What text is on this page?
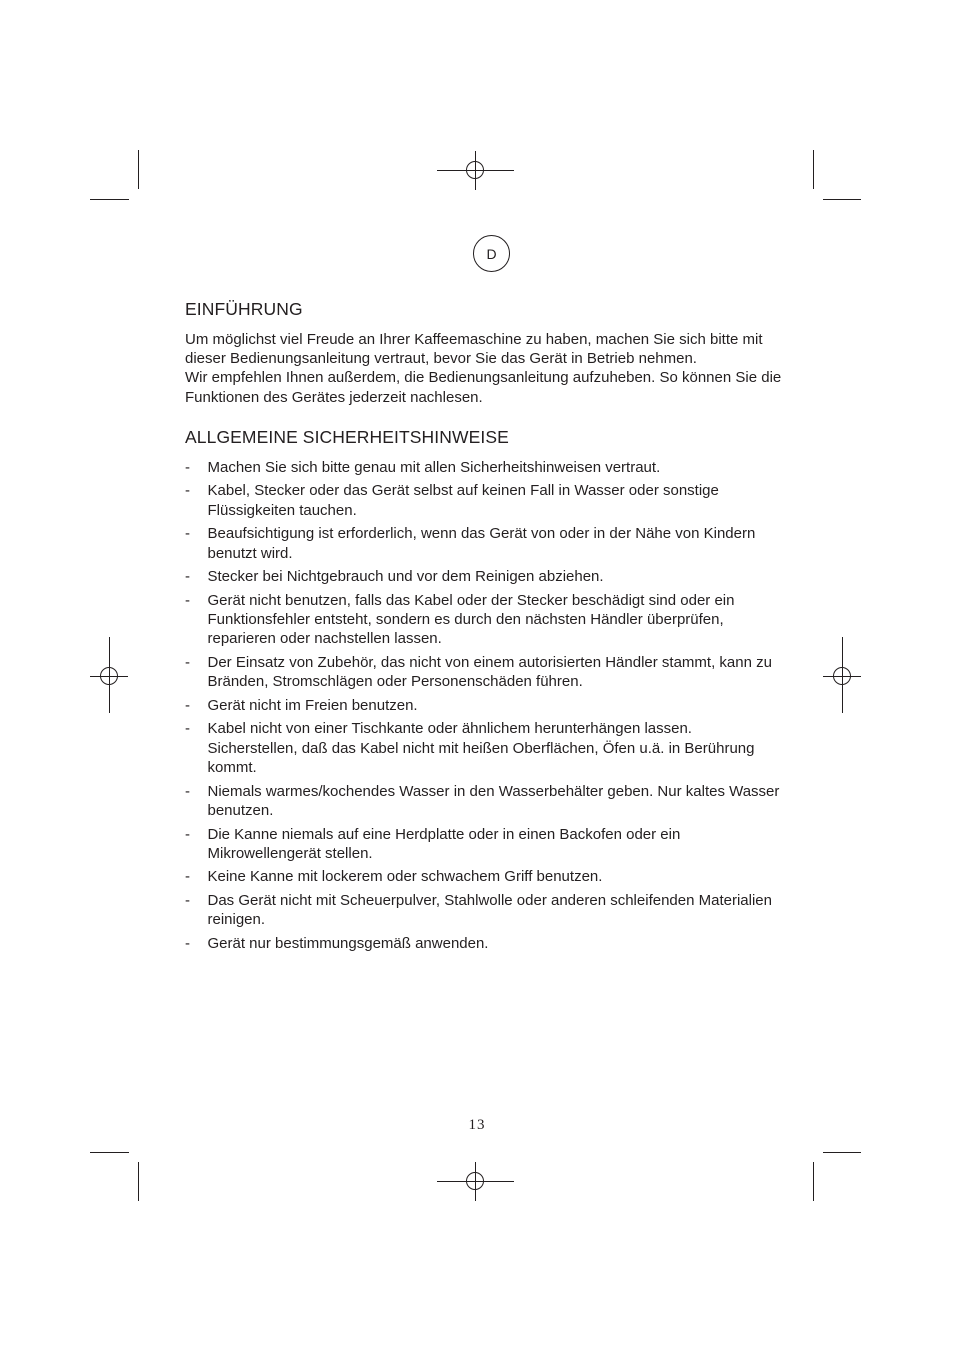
D
EINFÜHRUNG

Um möglichst viel Freude an Ihrer Kaffeemaschine zu haben, machen Sie sich bitte mit dieser Bedienungsanleitung vertraut, bevor Sie das Gerät in Betrieb nehmen.

Wir empfehlen Ihnen außerdem, die Bedienungsanleitung aufzuheben. So können Sie die Funktionen des Gerätes jederzeit nachlesen.

ALLGEMEINE SICHERHEITSHINWEISE
- Machen Sie sich bitte genau mit allen Sicherheitshinweisen vertraut.
- Kabel, Stecker oder das Gerät selbst auf keinen Fall in Wasser oder sonstige Flüssigkeiten tauchen.
- Beaufsichtigung ist erforderlich, wenn das Gerät von oder in der Nähe von Kindern benutzt wird.
- Stecker bei Nichtgebrauch und vor dem Reinigen abziehen.
- Gerät nicht benutzen, falls das Kabel oder der Stecker beschädigt sind oder ein Funktionsfehler entsteht, sondern es durch den nächsten Händler überprüfen, reparieren oder nachstellen lassen.
- Der Einsatz von Zubehör, das nicht von einem autorisierten Händler stammt, kann zu Bränden, Stromschlägen oder Personenschäden führen.
- Gerät nicht im Freien benutzen.
- Kabel nicht von einer Tischkante oder ähnlichem herunterhängen lassen. Sicherstellen, daß das Kabel nicht mit heißen Oberflächen, Öfen u.ä. in Berührung kommt.
- Niemals warmes/kochendes Wasser in den Wasserbehälter geben. Nur kaltes Wasser benutzen.
- Die Kanne niemals auf eine Herdplatte oder in einen Backofen oder ein Mikrowellengerät stellen.
- Keine Kanne mit lockerem oder schwachem Griff benutzen.
- Das Gerät nicht mit Scheuerpulver, Stahlwolle oder anderen schleifenden Materialien reinigen.
- Gerät nur bestimmungsgemäß anwenden.
13
